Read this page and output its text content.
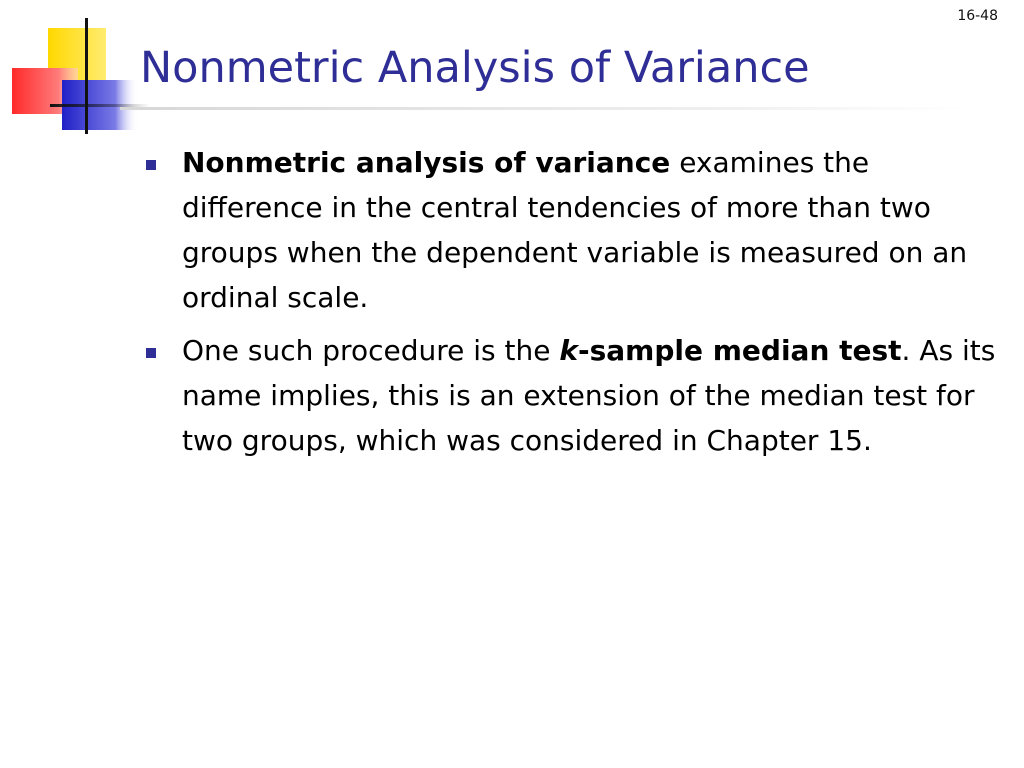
16-48
Nonmetric Analysis of Variance
Nonmetric analysis of variance examines the difference in the central tendencies of more than two groups when the dependent variable is measured on an ordinal scale.
One such procedure is the k-sample median test. As its name implies, this is an extension of the median test for two groups, which was considered in Chapter 15.
